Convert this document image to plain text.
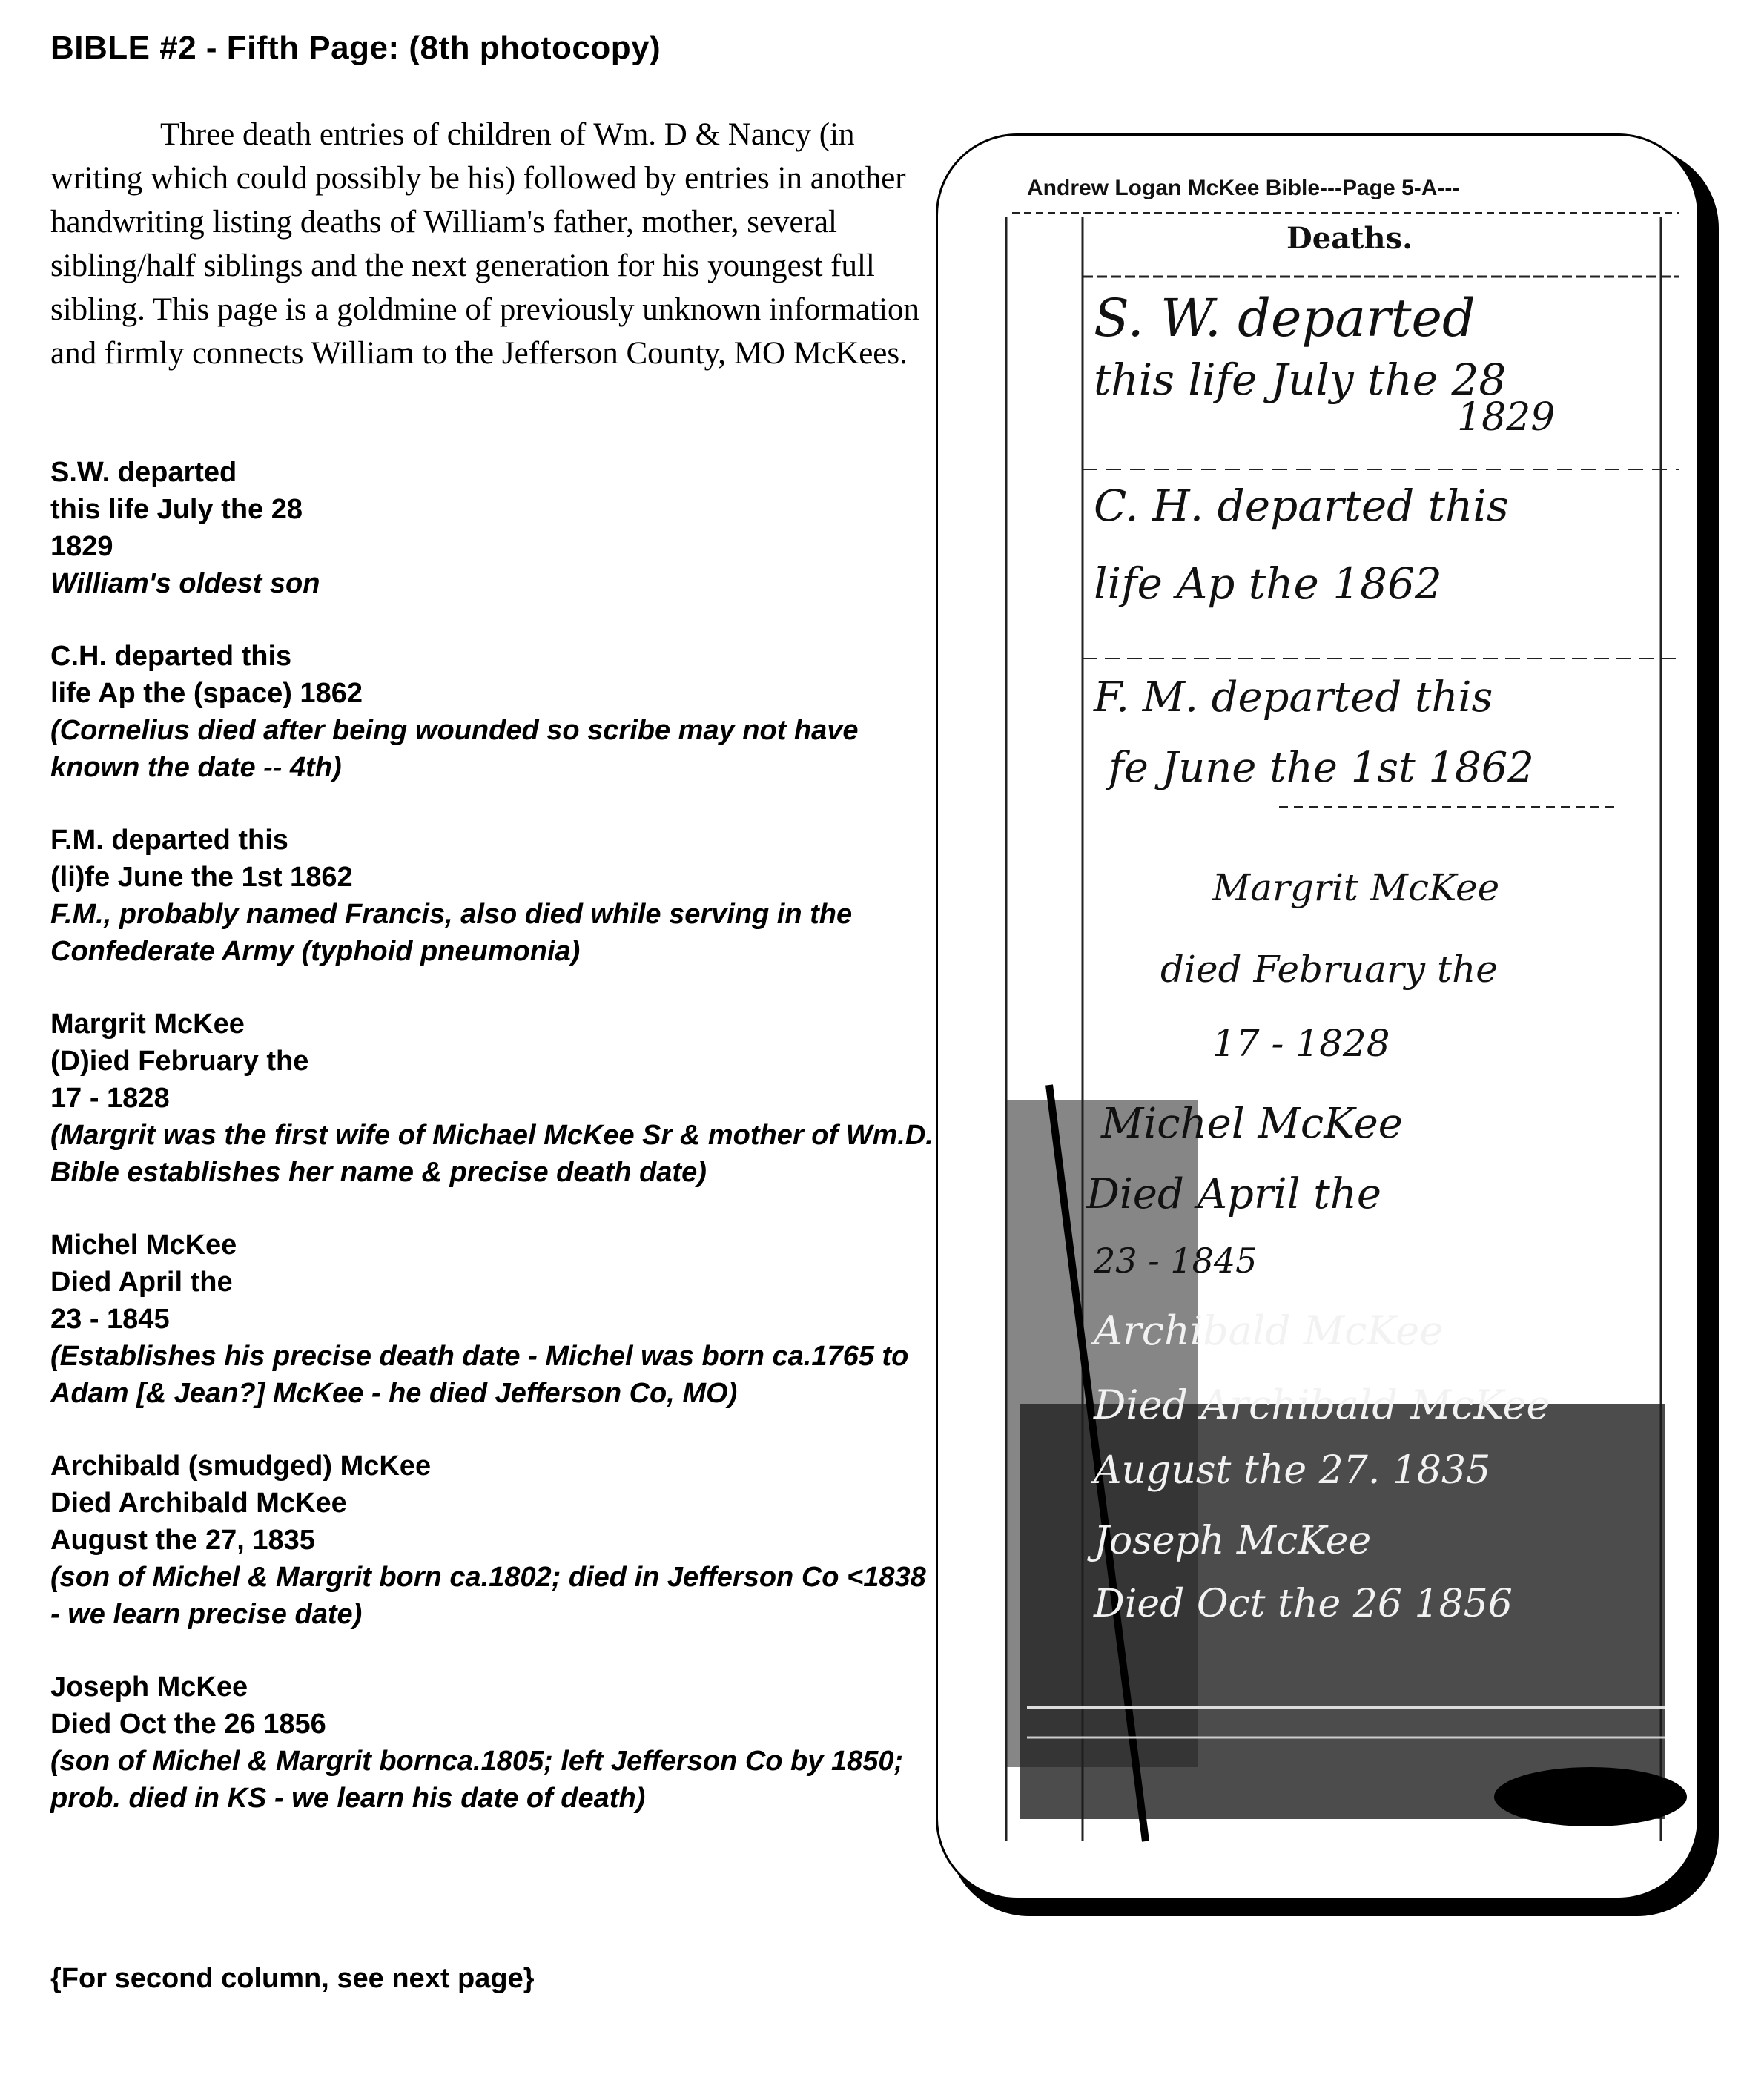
BIBLE #2 - Fifth Page: (8th photocopy)

Three death entries of children of Wm. D & Nancy (in writing which could possibly be his) followed by entries in another handwriting listing deaths of William's father, mother, several sibling/half siblings and the next generation for his youngest full sibling. This page is a goldmine of previously unknown information and firmly connects William to the Jefferson County, MO McKees.

S.W. departed
this life July the 28
1829
William's oldest son
C.H. departed this
life Ap the (space) 1862
(Cornelius died after being wounded so scribe may not have known the date -- 4th)
F.M. departed this
(li)fe June the 1st 1862
F.M., probably named Francis, also died while serving in the Confederate Army (typhoid pneumonia)
Margrit McKee
(D)ied February the
17 - 1828
(Margrit was the first wife of Michael McKee Sr & mother of Wm.D. Bible establishes her name & precise death date)
Michel McKee
Died April the
23 - 1845
(Establishes his precise death date - Michel was born ca.1765 to Adam [& Jean?] McKee - he died Jefferson Co, MO)
Archibald (smudged) McKee
Died Archibald McKee
August the 27, 1835
(son of Michel & Margrit born ca.1802; died in Jefferson Co <1838 - we learn precise date)
Joseph McKee
Died Oct the 26 1856
(son of Michel & Margrit bornca.1805; left Jefferson Co by 1850; prob. died in KS - we learn his date of death)

{For second column, see next page}

Andrew Logan McKee Bible---Page 5-A---
Deaths.
S. W. departed
this life July the 28
1829
C. H. departed this
life Ap the 1862
F. M. departed this
fe June the 1st 1862
Margrit McKee
died February the
17 - 1828
Michel McKee
Died April the
23 - 1845
Archibald McKee
Died Archibald McKee
August the 27. 1835
Joseph McKee
Died Oct the 26 1856
